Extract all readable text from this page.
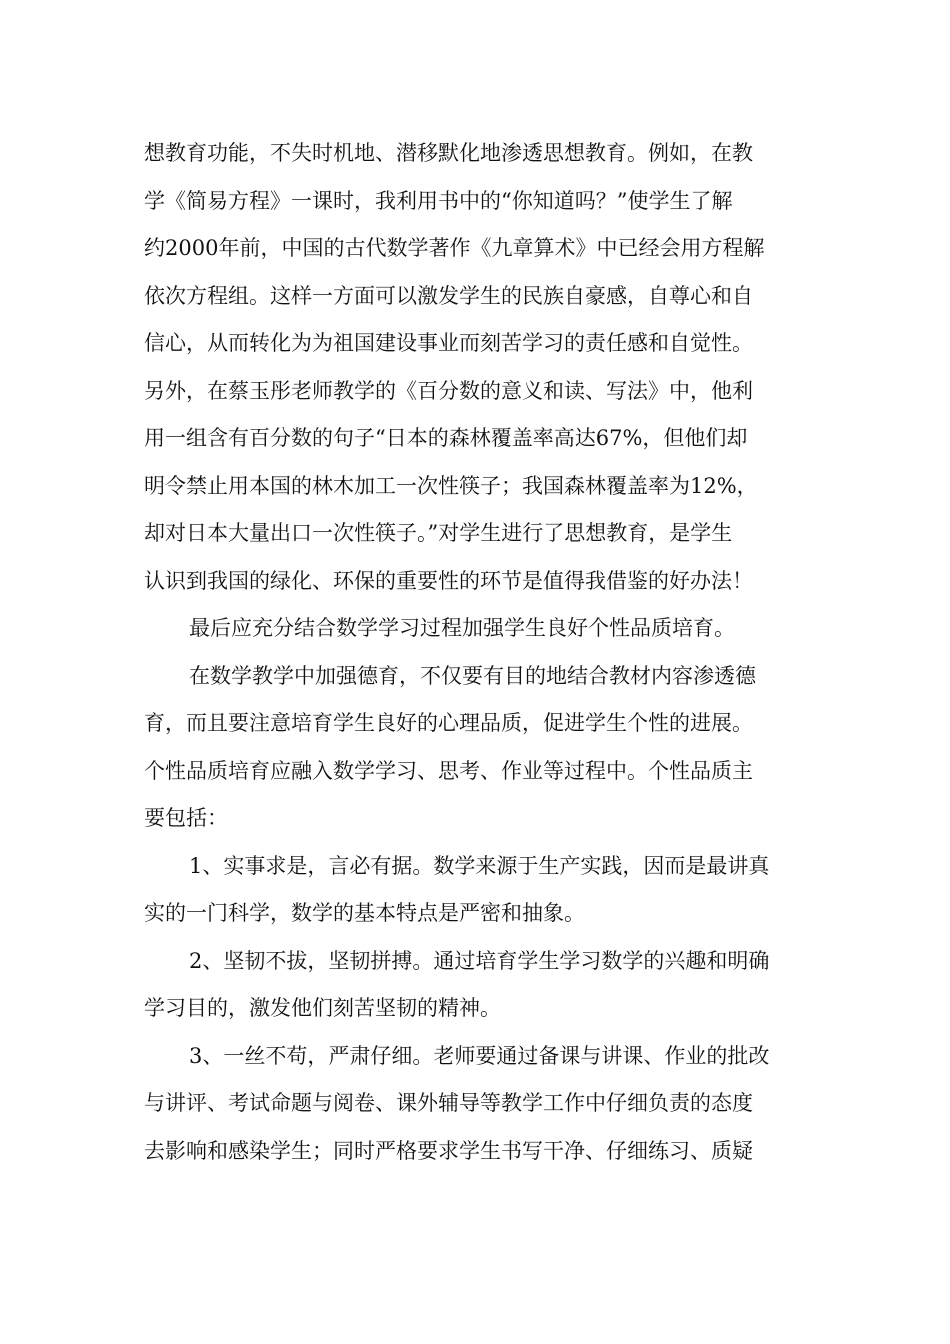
想教育功能，不失时机地、潜移默化地渗透思想教育。例如，在教
学《简易方程》一课时，我利用书中的“你知道吗？”使学生了解
约2000年前，中国的古代数学著作《九章算术》中已经会用方程解
依次方程组。这样一方面可以激发学生的民族自豪感，自尊心和自
信心，从而转化为为祖国建设事业而刻苦学习的责任感和自觉性。
另外，在蔡玉彤老师教学的《百分数的意义和读、写法》中，他利
用一组含有百分数的句子“日本的森林覆盖率高达67%，但他们却
明令禁止用本国的林木加工一次性筷子；我国森林覆盖率为12%，
却对日本大量出口一次性筷子。”对学生进行了思想教育，是学生
认识到我国的绿化、环保的重要性的环节是值得我借鉴的好办法！
最后应充分结合数学学习过程加强学生良好个性品质培育。
在数学教学中加强德育，不仅要有目的地结合教材内容渗透德
育，而且要注意培育学生良好的心理品质，促进学生个性的进展。
个性品质培育应融入数学学习、思考、作业等过程中。个性品质主
要包括：
1、实事求是，言必有据。数学来源于生产实践，因而是最讲真
实的一门科学，数学的基本特点是严密和抽象。
2、坚韧不拔，坚韧拼搏。通过培育学生学习数学的兴趣和明确
学习目的，激发他们刻苦坚韧的精神。
3、一丝不苟，严肃仔细。老师要通过备课与讲课、作业的批改
与讲评、考试命题与阅卷、课外辅导等教学工作中仔细负责的态度
去影响和感染学生；同时严格要求学生书写干净、仔细练习、质疑
